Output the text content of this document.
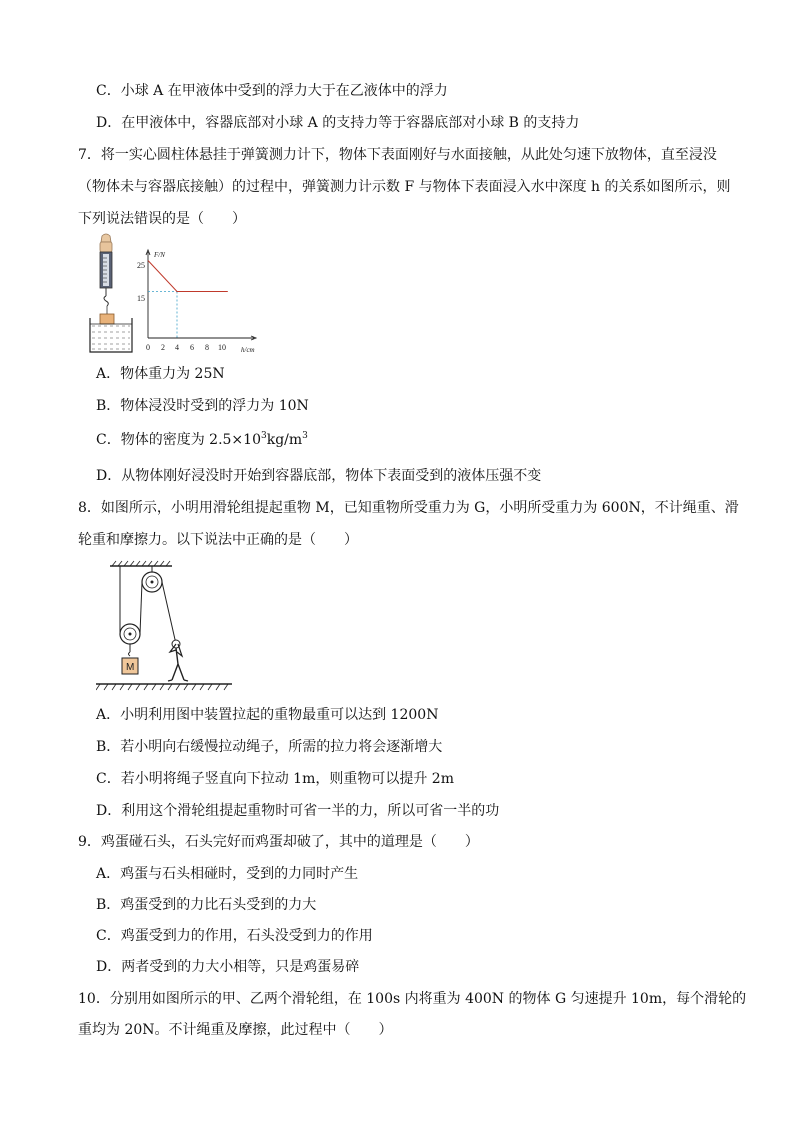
C．小球 A 在甲液体中受到的浮力大于在乙液体中的浮力
D．在甲液体中，容器底部对小球 A 的支持力等于容器底部对小球 B 的支持力
7．将一实心圆柱体悬挂于弹簧测力计下，物体下表面刚好与水面接触，从此处匀速下放物体，直至浸没
（物体未与容器底接触）的过程中，弹簧测力计示数 F 与物体下表面浸入水中深度 h 的关系如图所示，则
下列说法错误的是（　　）
F/N
h/cm
25
15
0 2 4 6 8 10
A．物体重力为 25N
B．物体浸没时受到的浮力为 10N
C．物体的密度为 $2.5\times 10^3kg/m^3$
D．从物体刚好浸没时开始到容器底部，物体下表面受到的液体压强不变
8．如图所示，小明用滑轮组提起重物 M，已知重物所受重力为 G，小明所受重力为 600N，不计绳重、滑
轮重和摩擦力。以下说法中正确的是（　　）
M
A．小明利用图中装置拉起的重物最重可以达到 1200N
B．若小明向右缓慢拉动绳子，所需的拉力将会逐渐增大
C．若小明将绳子竖直向下拉动 1m，则重物可以提升 2m
D．利用这个滑轮组提起重物时可省一半的力，所以可省一半的功
9．鸡蛋碰石头，石头完好而鸡蛋却破了，其中的道理是（　　）
A．鸡蛋与石头相碰时，受到的力同时产生
B．鸡蛋受到的力比石头受到的力大
C．鸡蛋受到力的作用，石头没受到力的作用
D．两者受到的力大小相等，只是鸡蛋易碎
10．分别用如图所示的甲、乙两个滑轮组，在 100s 内将重为 400N 的物体 G 匀速提升 10m，每个滑轮的
重均为 20N。不计绳重及摩擦，此过程中（　　）
